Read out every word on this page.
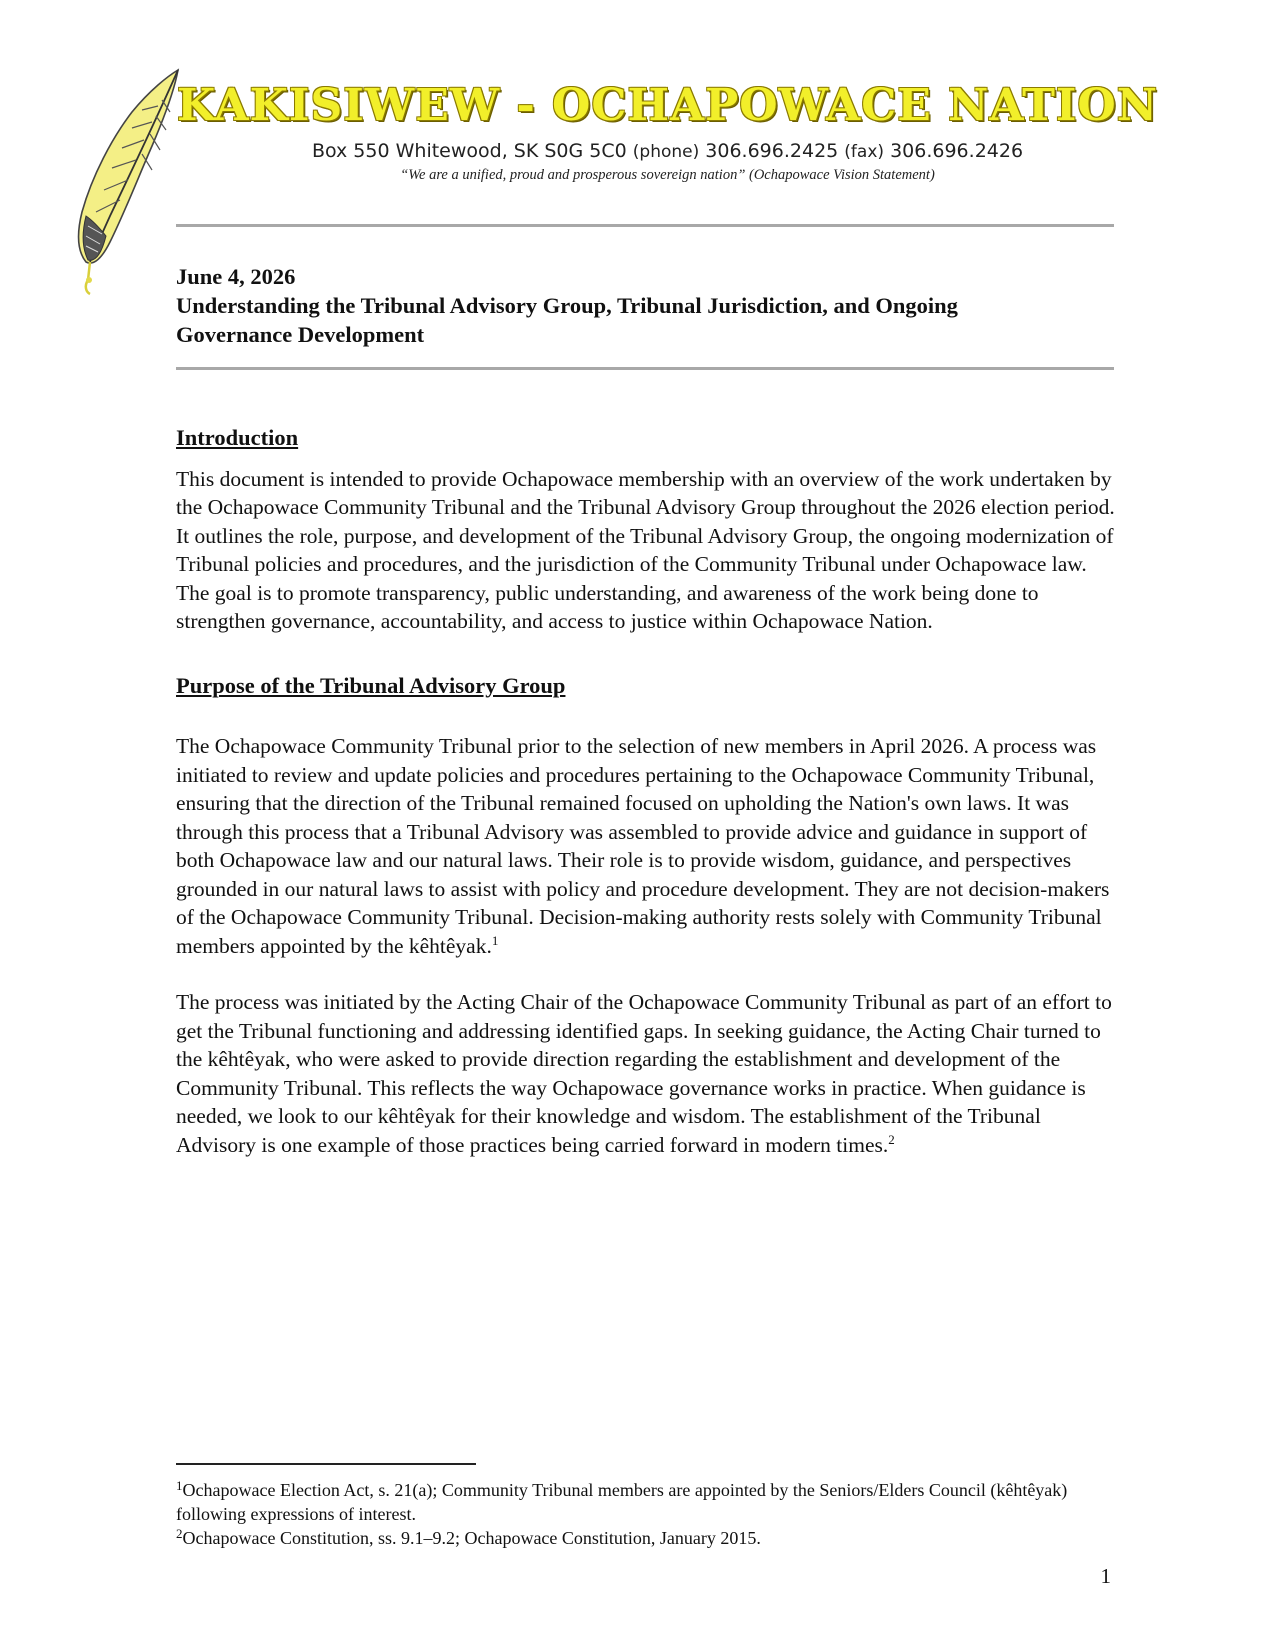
KAKISIWEW - OCHAPOWACE NATION
Box 550 Whitewood, SK S0G 5C0 (phone) 306.696.2425 (fax) 306.696.2426
“We are a unified, proud and prosperous sovereign nation” (Ochapowace Vision Statement)
June 4, 2026
Understanding the Tribunal Advisory Group, Tribunal Jurisdiction, and Ongoing Governance Development
Introduction

This document is intended to provide Ochapowace membership with an overview of the work undertaken by the Ochapowace Community Tribunal and the Tribunal Advisory Group throughout the 2026 election period. It outlines the role, purpose, and development of the Tribunal Advisory Group, the ongoing modernization of Tribunal policies and procedures, and the jurisdiction of the Community Tribunal under Ochapowace law. The goal is to promote transparency, public understanding, and awareness of the work being done to strengthen governance, accountability, and access to justice within Ochapowace Nation.

Purpose of the Tribunal Advisory Group

The Ochapowace Community Tribunal prior to the selection of new members in April 2026. A process was initiated to review and update policies and procedures pertaining to the Ochapowace Community Tribunal, ensuring that the direction of the Tribunal remained focused on upholding the Nation's own laws. It was through this process that a Tribunal Advisory was assembled to provide advice and guidance in support of both Ochapowace law and our natural laws. Their role is to provide wisdom, guidance, and perspectives grounded in our natural laws to assist with policy and procedure development. They are not decision-makers of the Ochapowace Community Tribunal. Decision-making authority rests solely with Community Tribunal members appointed by the kêhtêyak.$^1$

The process was initiated by the Acting Chair of the Ochapowace Community Tribunal as part of an effort to get the Tribunal functioning and addressing identified gaps. In seeking guidance, the Acting Chair turned to the kêhtêyak, who were asked to provide direction regarding the establishment and development of the Community Tribunal. This reflects the way Ochapowace governance works in practice. When guidance is needed, we look to our kêhtêyak for their knowledge and wisdom. The establishment of the Tribunal Advisory is one example of those practices being carried forward in modern times.$^2$

$^1$Ochapowace Election Act, s. 21(a); Community Tribunal members are appointed by the Seniors/Elders Council (kêhtêyak) following expressions of interest.

$^2$Ochapowace Constitution, ss. 9.1–9.2; Ochapowace Constitution, January 2015.

1
